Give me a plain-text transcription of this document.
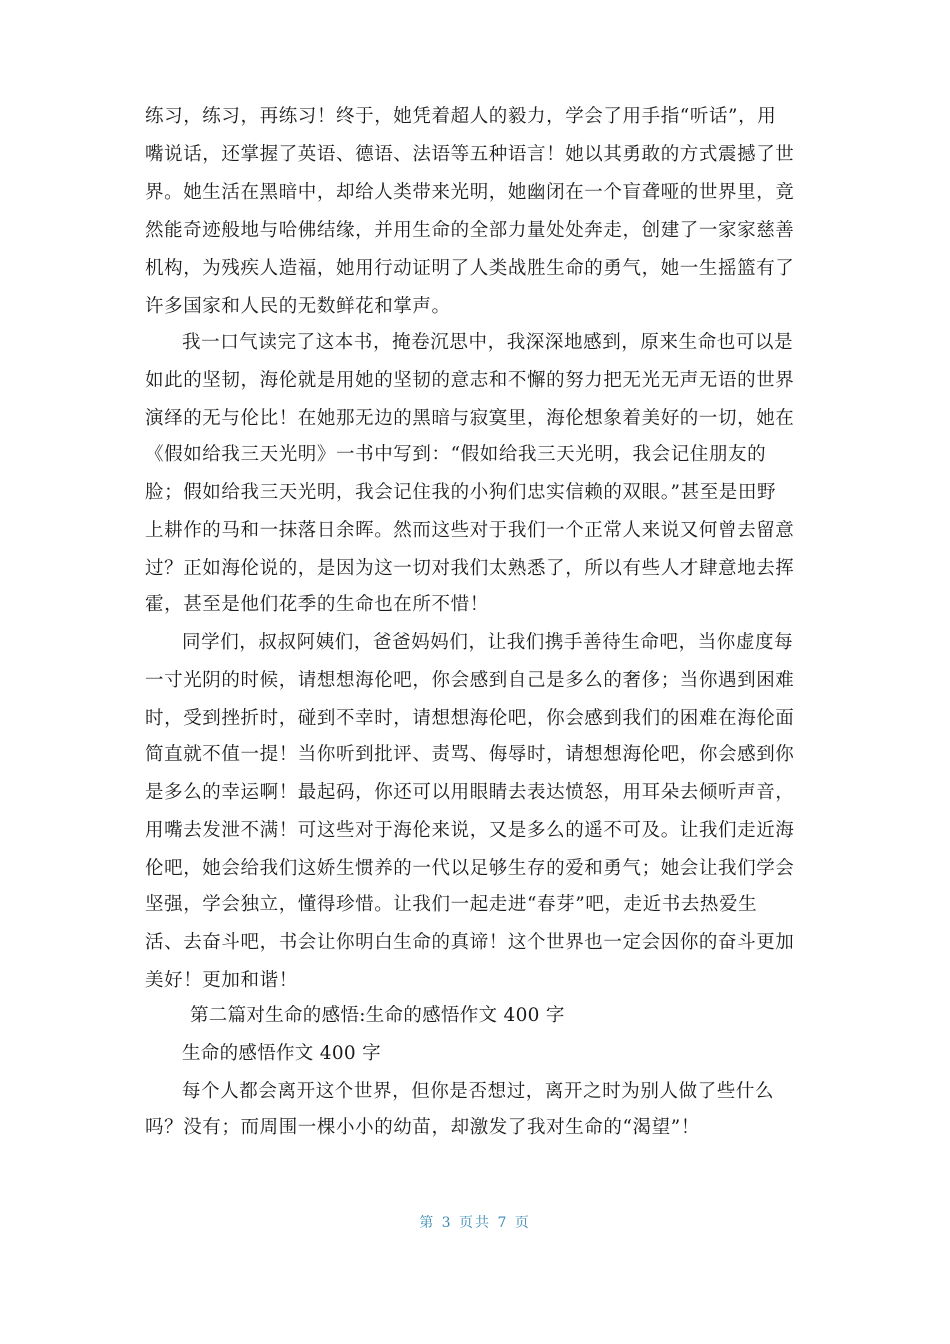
练习，练习，再练习！终于，她凭着超人的毅力，学会了用手指“听话”，用
嘴说话，还掌握了英语、德语、法语等五种语言！她以其勇敢的方式震撼了世
界。她生活在黑暗中，却给人类带来光明，她幽闭在一个盲聋哑的世界里，竟
然能奇迹般地与哈佛结缘，并用生命的全部力量处处奔走，创建了一家家慈善
机构，为残疾人造福，她用行动证明了人类战胜生命的勇气，她一生摇篮有了
许多国家和人民的无数鲜花和掌声。
我一口气读完了这本书，掩卷沉思中，我深深地感到，原来生命也可以是
如此的坚韧，海伦就是用她的坚韧的意志和不懈的努力把无光无声无语的世界
演绎的无与伦比！在她那无边的黑暗与寂寞里，海伦想象着美好的一切，她在
《假如给我三天光明》一书中写到：“假如给我三天光明，我会记住朋友的
脸；假如给我三天光明，我会记住我的小狗们忠实信赖的双眼。”甚至是田野
上耕作的马和一抹落日余晖。然而这些对于我们一个正常人来说又何曾去留意
过？正如海伦说的，是因为这一切对我们太熟悉了，所以有些人才肆意地去挥
霍，甚至是他们花季的生命也在所不惜！
同学们，叔叔阿姨们，爸爸妈妈们，让我们携手善待生命吧，当你虚度每
一寸光阴的时候，请想想海伦吧，你会感到自己是多么的奢侈；当你遇到困难
时，受到挫折时，碰到不幸时，请想想海伦吧，你会感到我们的困难在海伦面
简直就不值一提！当你听到批评、责骂、侮辱时，请想想海伦吧，你会感到你
是多么的幸运啊！最起码，你还可以用眼睛去表达愤怒，用耳朵去倾听声音，
用嘴去发泄不满！可这些对于海伦来说，又是多么的遥不可及。让我们走近海
伦吧，她会给我们这娇生惯养的一代以足够生存的爱和勇气；她会让我们学会
坚强，学会独立，懂得珍惜。让我们一起走进“春芽”吧，走近书去热爱生
活、去奋斗吧，书会让你明白生命的真谛！这个世界也一定会因你的奋斗更加
美好！更加和谐！
第二篇对生命的感悟:生命的感悟作文 400 字
生命的感悟作文 400 字
每个人都会离开这个世界，但你是否想过，离开之时为别人做了些什么
吗？没有；而周围一棵小小的幼苗，却激发了我对生命的“渴望”！
第 3 页共 7 页
